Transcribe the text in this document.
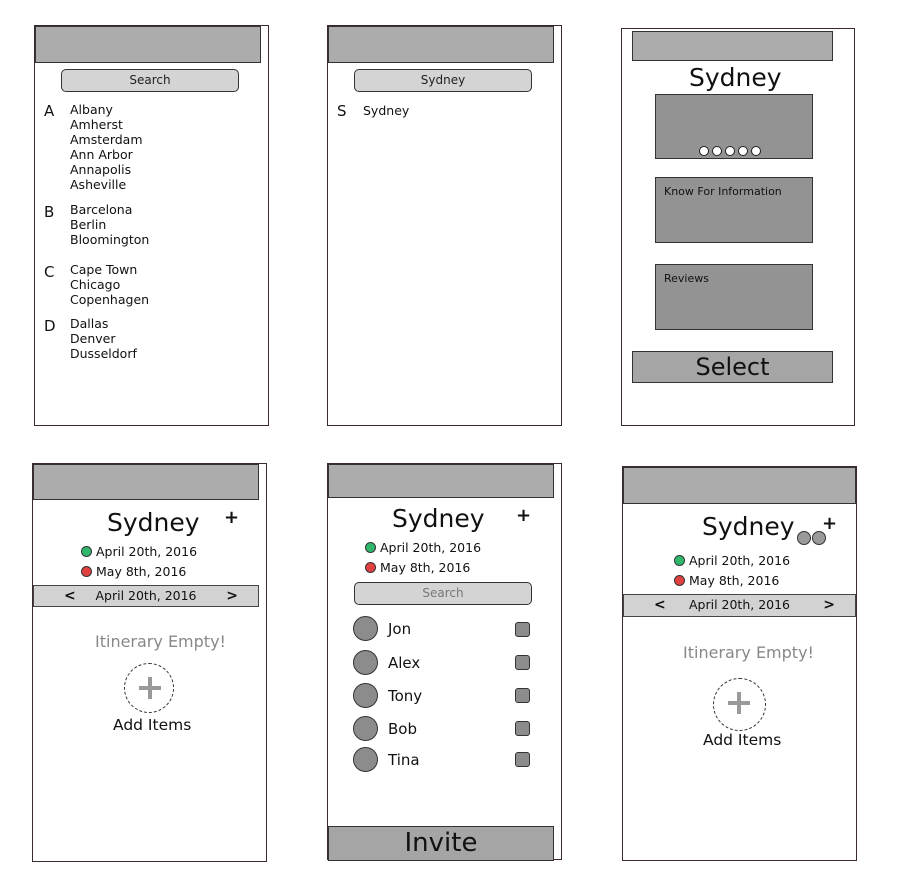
Search
A Albany
Amherst
Amsterdam
Ann Arbor
Annapolis
Asheville
B Barcelona
Berlin
Bloomington
C Cape Town
Chicago
Copenhagen
D Dallas
Denver
Dusseldorf
Sydney
S Sydney
Sydney
Know For Information
Reviews
Select
Sydney +
April 20th, 2016
May 8th, 2016
< April 20th, 2016 >
Itinerary Empty!
Add Items
Sydney +
April 20th, 2016
May 8th, 2016
Search
Jon
Alex
Tony
Bob
Tina
Invite
Sydney +
April 20th, 2016
May 8th, 2016
< April 20th, 2016 >
Itinerary Empty!
Add Items
